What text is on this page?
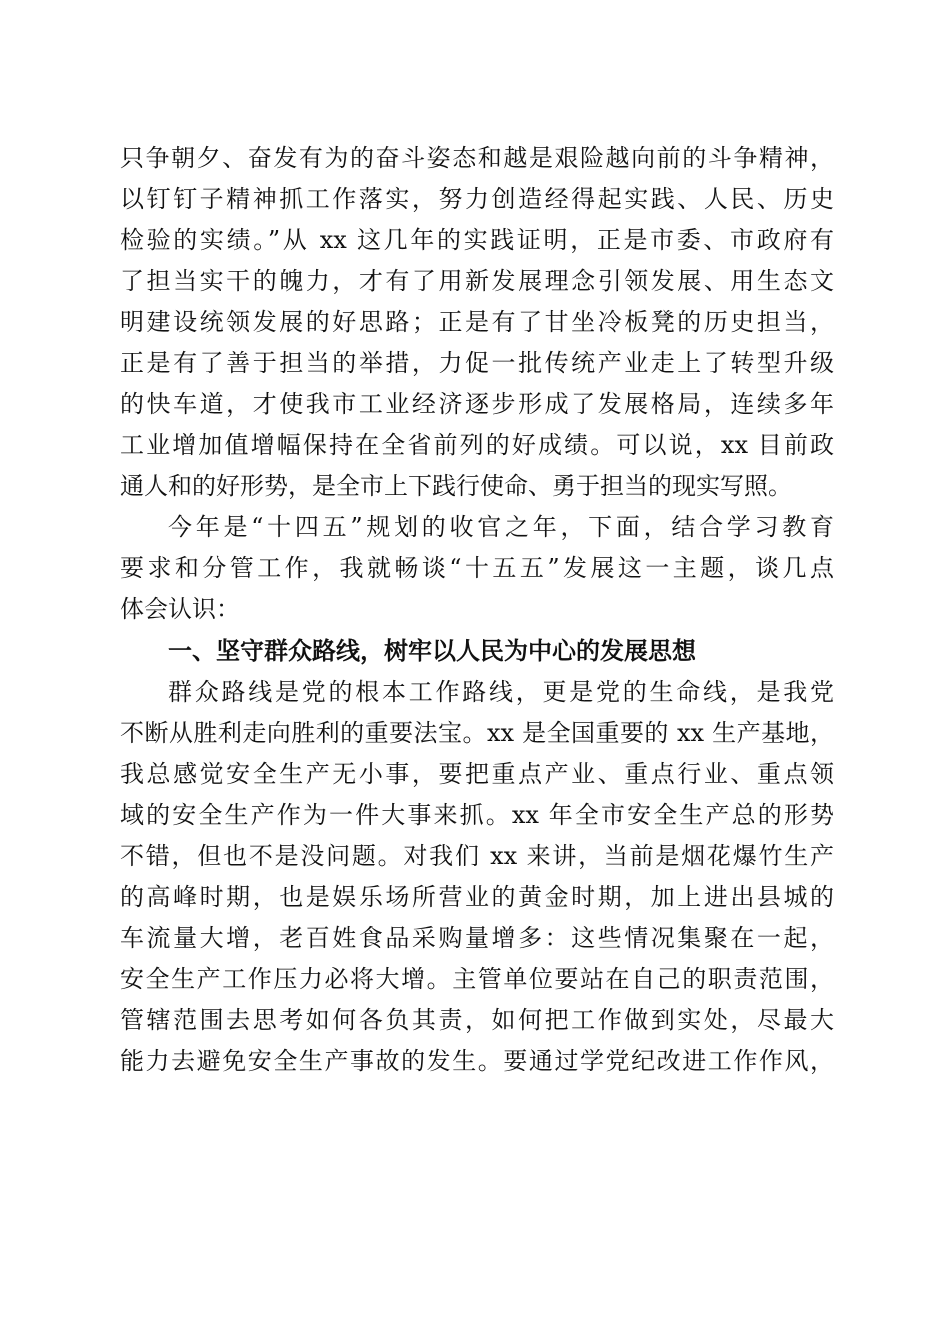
只争朝夕、奋发有为的奋斗姿态和越是艰险越向前的斗争精神，
以钉钉子精神抓工作落实，努力创造经得起实践、人民、历史
检验的实绩。”从 xx 这几年的实践证明，正是市委、市政府有
了担当实干的魄力，才有了用新发展理念引领发展、用生态文
明建设统领发展的好思路；正是有了甘坐冷板凳的历史担当，
正是有了善于担当的举措，力促一批传统产业走上了转型升级
的快车道，才使我市工业经济逐步形成了发展格局，连续多年
工业增加值增幅保持在全省前列的好成绩。可以说，xx 目前政
通人和的好形势，是全市上下践行使命、勇于担当的现实写照。
今年是“十四五”规划的收官之年，下面，结合学习教育
要求和分管工作，我就畅谈“十五五”发展这一主题，谈几点
体会认识：
一、坚守群众路线，树牢以人民为中心的发展思想
群众路线是党的根本工作路线，更是党的生命线，是我党
不断从胜利走向胜利的重要法宝。xx 是全国重要的 xx 生产基地，
我总感觉安全生产无小事，要把重点产业、重点行业、重点领
域的安全生产作为一件大事来抓。xx 年全市安全生产总的形势
不错，但也不是没问题。对我们 xx 来讲，当前是烟花爆竹生产
的高峰时期，也是娱乐场所营业的黄金时期，加上进出县城的
车流量大增，老百姓食品采购量增多：这些情况集聚在一起，
安全生产工作压力必将大增。主管单位要站在自己的职责范围，
管辖范围去思考如何各负其责，如何把工作做到实处，尽最大
能力去避免安全生产事故的发生。要通过学党纪改进工作作风，
